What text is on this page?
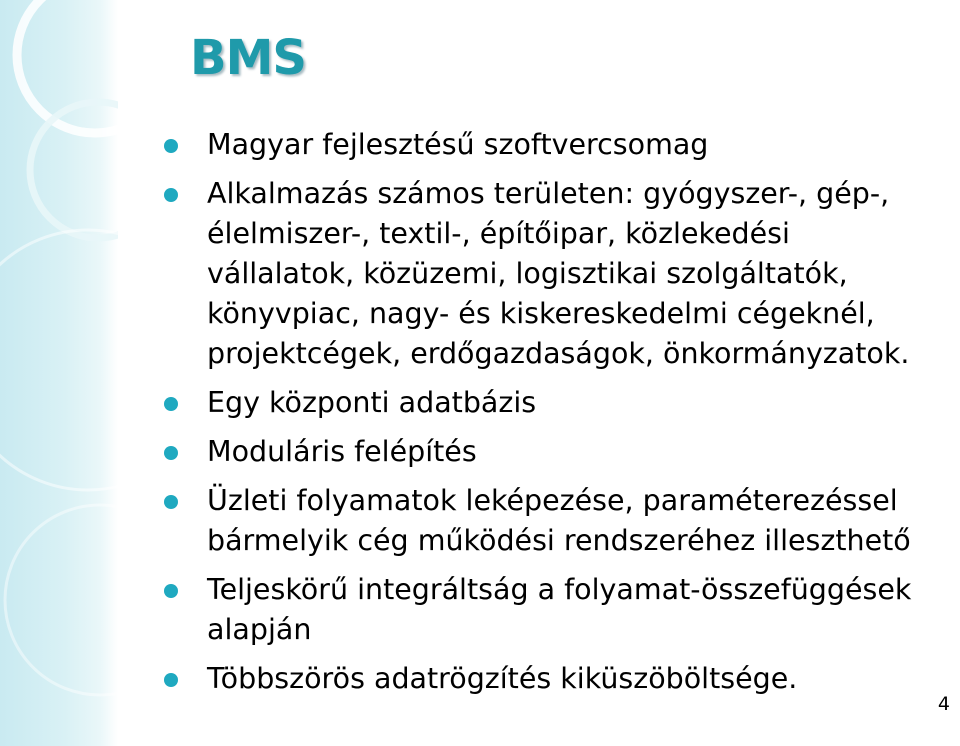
BMS
Magyar fejlesztésű szoftvercsomag
Alkalmazás számos területen: gyógyszer-, gép-, élelmiszer-, textil-, építőipar, közlekedési vállalatok, közüzemi, logisztikai szolgáltatók, könyvpiac, nagy- és kiskereskedelmi cégeknél, projektcégek, erdőgazdaságok, önkormányzatok.
Egy központi adatbázis
Moduláris felépítés
Üzleti folyamatok leképezése, paraméterezéssel bármelyik cég működési rendszeréhez illeszthető
Teljeskörű integráltság a folyamat-összefüggések alapján
Többszörös adatrögzítés kiküszöböltsége.
4
